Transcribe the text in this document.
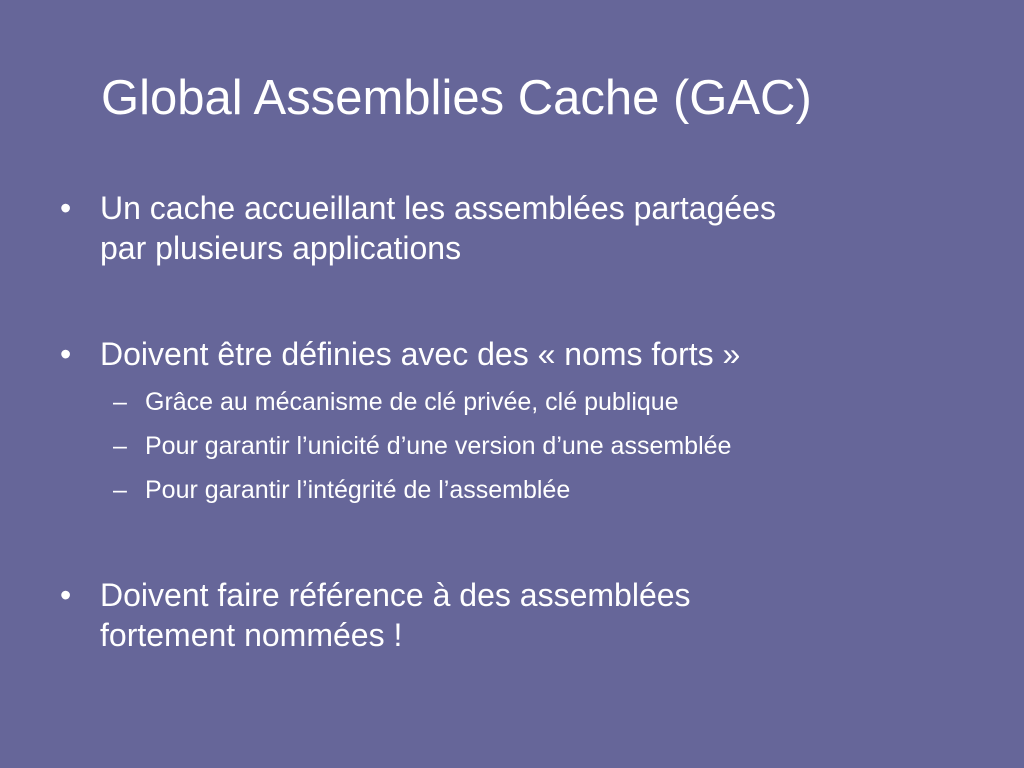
Global Assemblies Cache (GAC)
• Un cache accueillant les assemblées partagées
par plusieurs applications
• Doivent être définies avec des « noms forts »
– Grâce au mécanisme de clé privée, clé publique
– Pour garantir l’unicité d’une version d’une assemblée
– Pour garantir l’intégrité de l’assemblée
• Doivent faire référence à des assemblées
fortement nommées !
